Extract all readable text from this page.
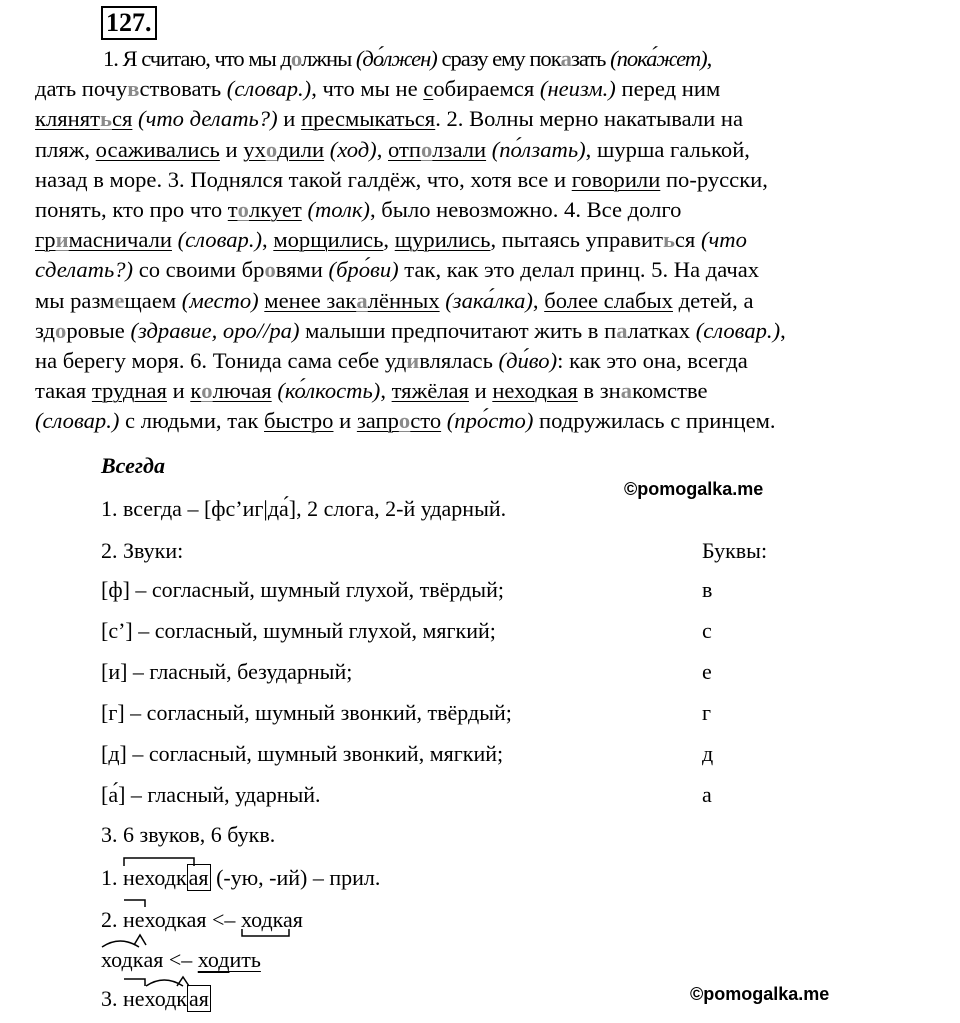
127.
1. Я считаю, что мы должны (до́лжен) сразу ему показать (пока́жет),
дать почувствовать (словар.), что мы не собираемся (неизм.) перед ним
кляняться (что делать?) и пресмыкаться. 2. Волны мерно накатывали на
пляж, осаживались и уходили (ход), отползали (по́лзать), шурша галькой,
назад в море. 3. Поднялся такой галдёж, что, хотя все и говорили по-русски,
понять, кто про что толкует (толк), было невозможно. 4. Все долго
гримасничали (словар.), морщились, щурились, пытаясь управиться (что
сделать?) со своими бровями (бро́ви) так, как это делал принц. 5. На дачах
мы размещаем (место) менее закалённых (зака́лка), более слабых детей, а
здоровые (здравие, оро//ра) малыши предпочитают жить в палатках (словар.),
на берегу моря. 6. Тонида сама себе удивлялась (ди́во): как это она, всегда
такая трудная и колючая (ко́лкость), тяжёлая и неходкая в знакомстве
(словар.) с людьми, так быстро и запросто (про́сто) подружилась с принцем.
Всегда
©pomogalka.me
1. всегда – [фс’иг|да́], 2 слога, 2-й ударный.
2. Звуки:	Буквы:
[ф] – согласный, шумный глухой, твёрдый;	в
[с’] – согласный, шумный глухой, мягкий;	с
[и] – гласный, безударный;	е
[г] – согласный, шумный звонкий, твёрдый;	г
[д] – согласный, шумный звонкий, мягкий;	д
[а́] – гласный, ударный.	а
3. 6 звуков, 6 букв.
1.
неходкая (-ую, -ий) – прил.
2.
неходкая <– ходкая
ход
кая <– ходить
3.
не
ход
кая	©pomogalka.me
